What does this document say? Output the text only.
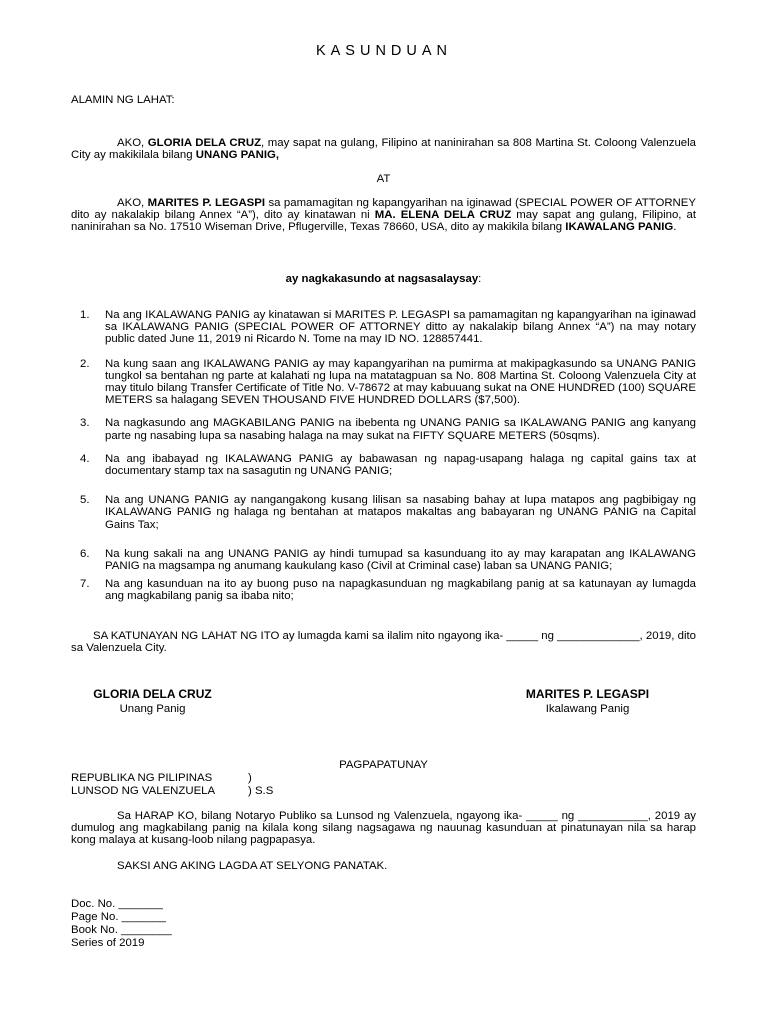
KASUNDUAN
ALAMIN NG LAHAT:
AKO, GLORIA DELA CRUZ, may sapat na gulang, Filipino at naninirahan sa 808 Martina St. Coloong Valenzuela City ay makikilala bilang UNANG PANIG,
AT
AKO, MARITES P. LEGASPI sa pamamagitan ng kapangyarihan na iginawad (SPECIAL POWER OF ATTORNEY dito ay nakalakip bilang Annex “A”), dito ay kinatawan ni MA. ELENA DELA CRUZ may sapat ang gulang, Filipino, at naninirahan sa No. 17510 Wiseman Drive, Pflugerville, Texas 78660, USA, dito ay makikila bilang IKAWALANG PANIG.
ay nagkakasundo at nagsasalaysay:
1. Na ang IKALAWANG PANIG ay kinatawan si MARITES P. LEGASPI sa pamamagitan ng kapangyarihan na iginawad sa IKALAWANG PANIG (SPECIAL POWER OF ATTORNEY ditto ay nakalakip bilang Annex “A”) na may notary public dated June 11, 2019 ni Ricardo N. Tome na may ID NO. 128857441.
2. Na kung saan ang IKALAWANG PANIG ay may kapangyarihan na pumirma at makipagkasundo sa UNANG PANIG tungkol sa bentahan ng parte at kalahati ng lupa na matatagpuan sa No. 808 Martina St. Coloong Valenzuela City at may titulo bilang Transfer Certificate of Title No. V-78672 at may kabuuang sukat na ONE HUNDRED (100) SQUARE METERS sa halagang SEVEN THOUSAND FIVE HUNDRED DOLLARS ($7,500).
3. Na nagkasundo ang MAGKABILANG PANIG na ibebenta ng UNANG PANIG sa IKALAWANG PANIG ang kanyang parte ng nasabing lupa sa nasabing halaga na may sukat na FIFTY SQUARE METERS (50sqms).
4. Na ang ibabayad ng IKALAWANG PANIG ay babawasan ng napag-usapang halaga ng capital gains tax at documentary stamp tax na sasagutin ng UNANG PANIG;
5. Na ang UNANG PANIG ay nangangakong kusang lilisan sa nasabing bahay at lupa matapos ang pagbibigay ng IKALAWANG PANIG ng halaga ng bentahan at matapos makaltas ang babayaran ng UNANG PANIG na Capital Gains Tax;
6. Na kung sakali na ang UNANG PANIG ay hindi tumupad sa kasunduang ito ay may karapatan ang IKALAWANG PANIG na magsampa ng anumang kaukulang kaso (Civil at Criminal case) laban sa UNANG PANIG;
7. Na ang kasunduan na ito ay buong puso na napagkasunduan ng magkabilang panig at sa katunayan ay lumagda ang magkabilang panig sa ibaba nito;
SA KATUNAYAN NG LAHAT NG ITO ay lumagda kami sa ilalim nito ngayong ika- _____ ng _____________, 2019, dito sa Valenzuela City.
GLORIA DELA CRUZ
Unang Panig
MARITES P. LEGASPI
Ikalawang Panig
PAGPAPATUNAY
REPUBLIKA NG PILIPINAS	)
LUNSOD NG VALENZUELA	) S.S
Sa HARAP KO, bilang Notaryo Publiko sa Lunsod ng Valenzuela, ngayong ika- _____ ng ___________, 2019 ay dumulog ang magkabilang panig na kilala kong silang nagsagawa ng nauunag kasunduan at pinatunayan nila sa harap kong malaya at kusang-loob nilang pagpapasya.
SAKSI ANG AKING LAGDA AT SELYONG PANATAK.
Doc. No. _______
Page No. _______
Book No. ________
Series of 2019
